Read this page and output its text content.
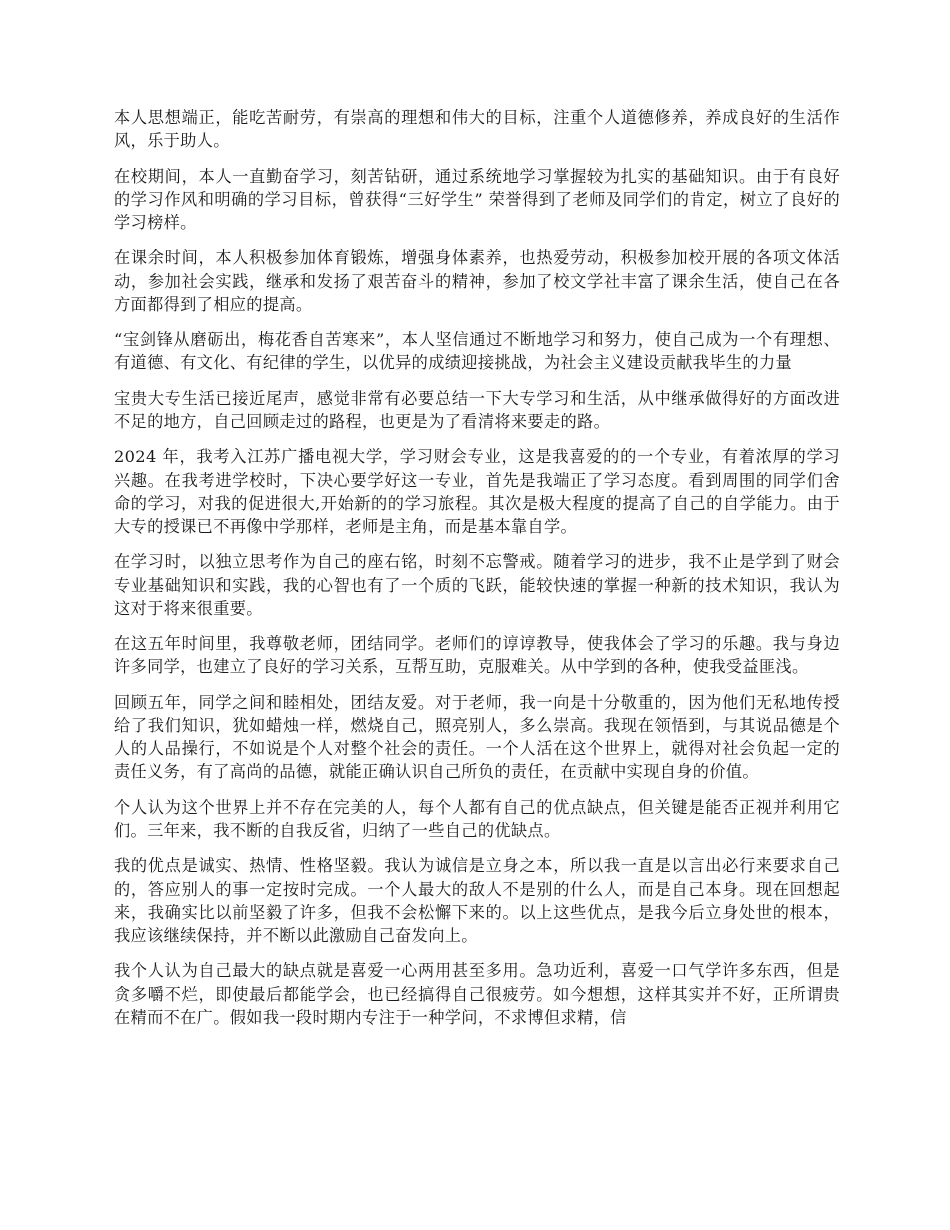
本人思想端正，能吃苦耐劳，有崇高的理想和伟大的目标，注重个人道德修养，养成良好的生活作风，乐于助人。

在校期间，本人一直勤奋学习，刻苦钻研，通过系统地学习掌握较为扎实的基础知识。由于有良好的学习作风和明确的学习目标，曾获得“三好学生” 荣誉得到了老师及同学们的肯定，树立了良好的学习榜样。

在课余时间，本人积极参加体育锻炼，增强身体素养，也热爱劳动，积极参加校开展的各项文体活动，参加社会实践，继承和发扬了艰苦奋斗的精神，参加了校文学社丰富了课余生活，使自己在各方面都得到了相应的提高。

“宝剑锋从磨砺出，梅花香自苦寒来”，本人坚信通过不断地学习和努力，使自己成为一个有理想、有道德、有文化、有纪律的学生，以优异的成绩迎接挑战，为社会主义建设贡献我毕生的力量

宝贵大专生活已接近尾声，感觉非常有必要总结一下大专学习和生活，从中继承做得好的方面改进不足的地方，自己回顾走过的路程，也更是为了看清将来要走的路。

2024 年，我考入江苏广播电视大学，学习财会专业，这是我喜爱的的一个专业，有着浓厚的学习兴趣。在我考进学校时，下决心要学好这一专业，首先是我端正了学习态度。看到周围的同学们舍命的学习，对我的促进很大,开始新的的学习旅程。其次是极大程度的提高了自己的自学能力。由于大专的授课已不再像中学那样，老师是主角，而是基本靠自学。

在学习时，以独立思考作为自己的座右铭，时刻不忘警戒。随着学习的进步，我不止是学到了财会专业基础知识和实践，我的心智也有了一个质的飞跃，能较快速的掌握一种新的技术知识，我认为这对于将来很重要。

在这五年时间里，我尊敬老师，团结同学。老师们的谆谆教导，使我体会了学习的乐趣。我与身边许多同学，也建立了良好的学习关系，互帮互助，克服难关。从中学到的各种，使我受益匪浅。

回顾五年，同学之间和睦相处，团结友爱。对于老师，我一向是十分敬重的，因为他们无私地传授给了我们知识，犹如蜡烛一样，燃烧自己，照亮别人，多么崇高。我现在领悟到，与其说品德是个人的人品操行，不如说是个人对整个社会的责任。一个人活在这个世界上，就得对社会负起一定的责任义务，有了高尚的品德，就能正确认识自己所负的责任，在贡献中实现自身的价值。

个人认为这个世界上并不存在完美的人，每个人都有自己的优点缺点，但关键是能否正视并利用它们。三年来，我不断的自我反省，归纳了一些自己的优缺点。

我的优点是诚实、热情、性格坚毅。我认为诚信是立身之本，所以我一直是以言出必行来要求自己的，答应别人的事一定按时完成。一个人最大的敌人不是别的什么人，而是自己本身。现在回想起来，我确实比以前坚毅了许多，但我不会松懈下来的。以上这些优点，是我今后立身处世的根本，我应该继续保持，并不断以此激励自己奋发向上。

我个人认为自己最大的缺点就是喜爱一心两用甚至多用。急功近利，喜爱一口气学许多东西，但是贪多嚼不烂，即使最后都能学会，也已经搞得自己很疲劳。如今想想，这样其实并不好，正所谓贵在精而不在广。假如我一段时期内专注于一种学问，不求博但求精，信
